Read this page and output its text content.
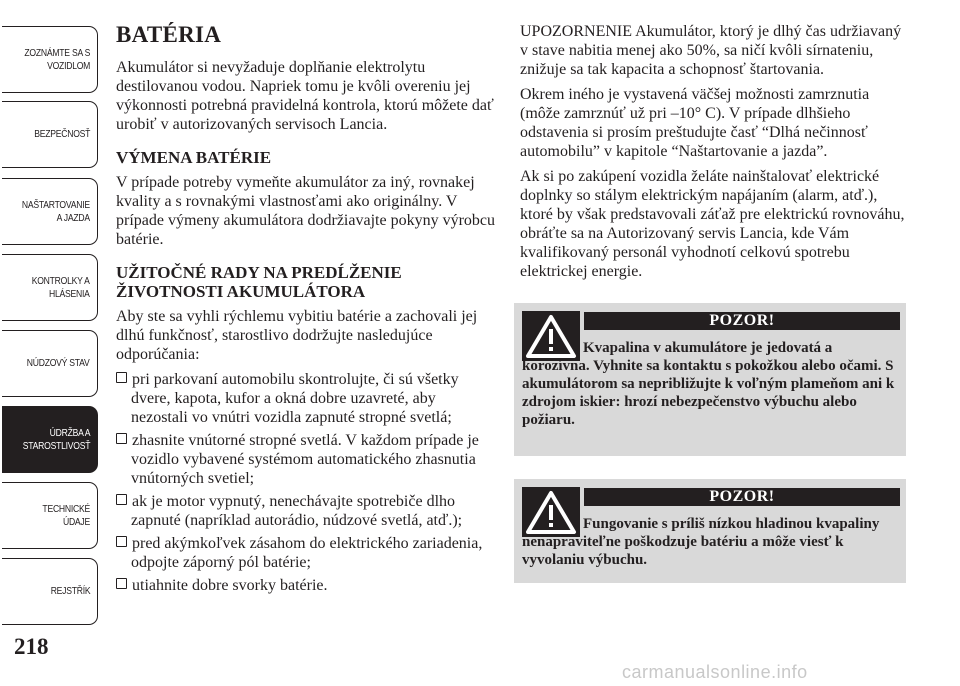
ZOZNÁMTE SA S
VOZIDLOM
BEZPEČNOSŤ
NAŠTARTOVANIE
A JAZDA
KONTROLKY A
HLÁSENIA
NÚDZOVÝ STAV
ÚDRŽBA A
STAROSTLIVOSŤ
TECHNICKÉ
ÚDAJE
REJSTŘÍK
218
BATÉRIA

Akumulátor si nevyžaduje doplňanie elektrolytu destilovanou vodou. Napriek tomu je kvôli overeniu jej výkonnosti potrebná pravidelná kontrola, ktorú môžete dať urobiť v autorizovaných servisoch Lancia.

VÝMENA BATÉRIE

V prípade potreby vymeňte akumulátor za iný, rovnakej kvality a s rovnakými vlastnosťami ako originálny. V prípade výmeny akumulátora dodržiavajte pokyny výrobcu batérie.

UŽITOČNÉ RADY NA PREDĹŽENIE ŽIVOTNOSTI AKUMULÁTORA

Aby ste sa vyhli rýchlemu vybitiu batérie a zachovali jej dlhú funkčnosť, starostlivo dodržujte nasledujúce odporúčania:

pri parkovaní automobilu skontrolujte, či sú všetky dvere, kapota, kufor a okná dobre uzavreté, aby nezostali vo vnútri vozidla zapnuté stropné svetlá;
zhasnite vnútorné stropné svetlá. V každom prípade je vozidlo vybavené systémom automatického zhasnutia vnútorných svetiel;
ak je motor vypnutý, nenechávajte spotrebiče dlho zapnuté (napríklad autorádio, núdzové svetlá, atď.);
pred akýmkoľvek zásahom do elektrického zariadenia, odpojte záporný pól batérie;
utiahnite dobre svorky batérie.

UPOZORNENIE Akumulátor, ktorý je dlhý čas udržiavaný v stave nabitia menej ako 50%, sa ničí kvôli sírnateniu, znižuje sa tak kapacita a schopnosť štartovania.

Okrem iného je vystavená väčšej možnosti zamrznutia (môže zamrznúť už pri –10° C). V prípade dlhšieho odstavenia si prosím preštudujte časť “Dlhá nečinnosť automobilu” v kapitole “Naštartovanie a jazda”.

Ak si po zakúpení vozidla želáte nainštalovať elektrické doplnky so stálym elektrickým napájaním (alarm, atď.), ktoré by však predstavovali záťaž pre elektrickú rovnováhu, obráťte sa na Autorizovaný servis Lancia, kde Vám kvalifikovaný personál vyhodnotí celkovú spotrebu elektrickej energie.

POZOR!
Kvapalina v akumulátore je jedovatá a korozívna. Vyhnite sa kontaktu s pokožkou alebo očami. S akumulátorom sa nepribližujte k voľným plameňom ani k zdrojom iskier: hrozí nebezpečenstvo výbuchu alebo požiaru.
POZOR!
Fungovanie s príliš nízkou hladinou kvapaliny nenapraviteľne poškodzuje batériu a môže viesť k vyvolaniu výbuchu.
carmanualsonline.info
